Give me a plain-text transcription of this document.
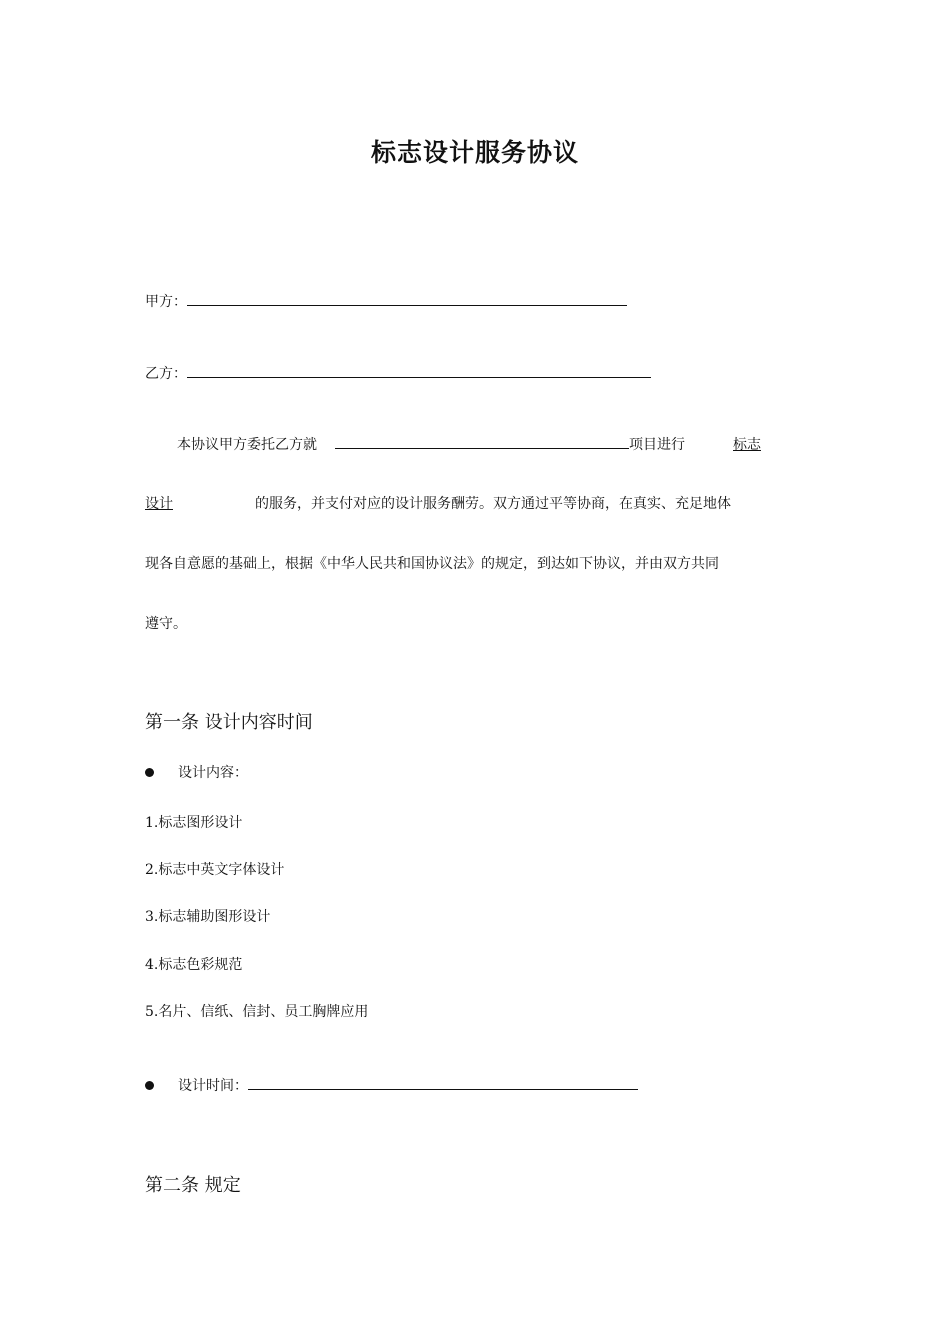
标志设计服务协议
甲方：
乙方：
本协议甲方委托乙方就	项目进行	标志
设计	的服务，并支付对应的设计服务酬劳。双方通过平等协商，在真实、充足地体
现各自意愿的基础上，根据《中华人民共和国协议法》的规定，到达如下协议，并由双方共同
遵守。
第一条 设计内容时间
设计内容：
1.标志图形设计
2.标志中英文字体设计
3.标志辅助图形设计
4.标志色彩规范
5.名片、信纸、信封、员工胸牌应用
设计时间：
第二条 规定
